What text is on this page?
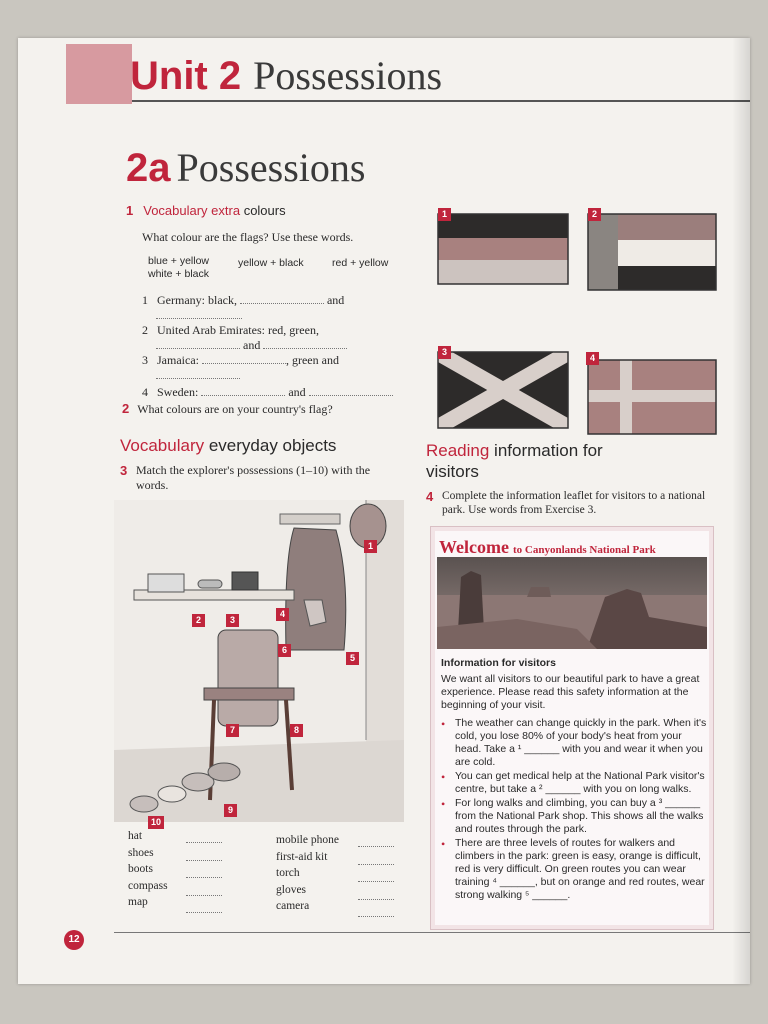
Unit 2 Possessions
2a Possessions
1 Vocabulary extra colours
What colour are the flags? Use these words.
blue + yellow	yellow + black	red + yellow
white + black
1 Germany: black,	and

2 United Arab Emirates: red, green,
and
3 Jamaica:	, green and

4 Sweden:	and
2 What colours are on your country's flag?
1	2
3
4
Vocabulary everyday objects
3 Match the explorer's possessions (1–10) with the words.
1
2	3
4
5
6
7	8
9
10
hat
shoes
boots
compass
map
mobile phone
first-aid kit
torch
gloves
camera
Reading information for
visitors
4 Complete the information leaflet for visitors to a national park. Use words from Exercise 3.
Welcome to Canyonlands National Park
Information for visitors
We want all visitors to our beautiful park to have a great experience. Please read this safety information at the beginning of your visit.
• The weather can change quickly in the park. When it's cold, you lose 80% of your body's heat from your head. Take a ¹ ______ with you and wear it when you are cold.
• You can get medical help at the National Park visitor's centre, but take a ² ______ with you on long walks.
• For long walks and climbing, you can buy a ³ ______ from the National Park shop. This shows all the walks and routes through the park.
• There are three levels of routes for walkers and climbers in the park: green is easy, orange is difficult, red is very difficult. On green routes you can wear training ⁴ ______, but on orange and red routes, wear strong walking ⁵ ______.
12
